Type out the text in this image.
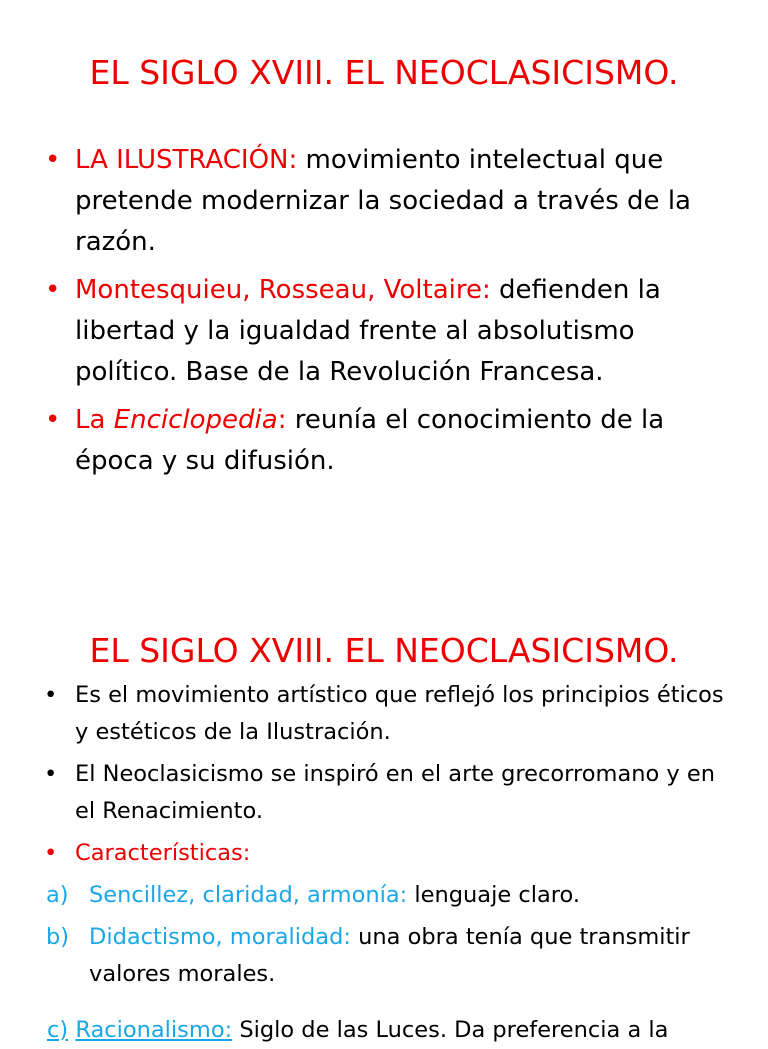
EL SIGLO XVIII. EL NEOCLASICISMO.
• LA ILUSTRACIÓN: movimiento intelectual que pretende modernizar la sociedad a través de la razón.
• Montesquieu, Rosseau, Voltaire: defienden la libertad y la igualdad frente al absolutismo político. Base de la Revolución Francesa.
• La Enciclopedia: reunía el conocimiento de la época y su difusión.
EL SIGLO XVIII. EL NEOCLASICISMO.
• Es el movimiento artístico que reflejó los principios éticos y estéticos de la Ilustración.
• El Neoclasicismo se inspiró en el arte grecorromano y en el Renacimiento.
• Características:
a) Sencillez, claridad, armonía: lenguaje claro.
b) Didactismo, moralidad: una obra tenía que transmitir valores morales.
c) Racionalismo: Siglo de las Luces. Da preferencia a la
